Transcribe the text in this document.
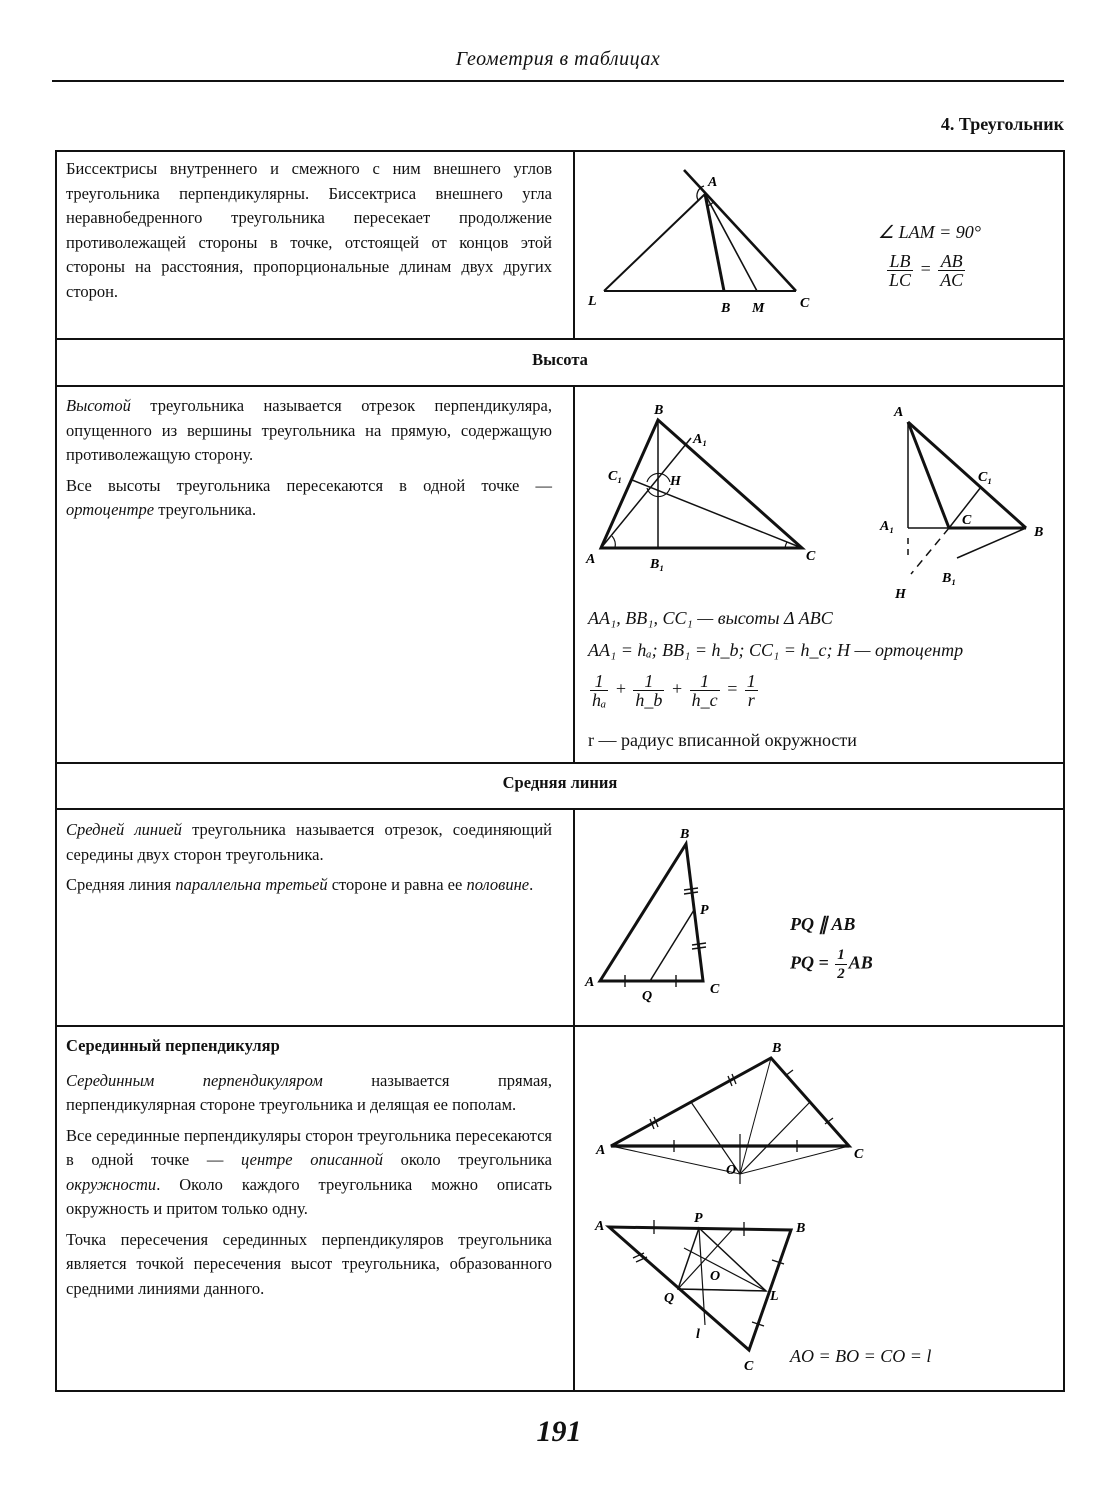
Геометрия в таблицах
4. Треугольник

Биссектрисы внутреннего и смежного с ним внешнего углов треугольника перпендикулярны. Биссектриса внешнего угла неравнобедренного треугольника пересекает продолжение противолежащей стороны в точке, отстоящей от концов этой стороны на расстояния, пропорциональные длинам двух других сторон.

A
L	B M	C
∠ LAM = 90°
$\frac{LB}{LC} = \frac{AB}{AC}$
Высота

Высотой треугольника называется отрезок перпендикуляра, опущенного из вершины треугольника на прямую, содержащую противолежащую сторону.

Все высоты треугольника пересекаются в одной точке — ортоцентре треугольника.

B
A₁
C₁	H
A	B₁
C
A
C₁
C
B
A₁
B₁
H
AA₁, BB₁, CC₁ — высоты Δ ABC
AA₁ = hₐ; BB₁ = h_b; CC₁ = h_c; H — ортоцентр
$\frac{1}{\text{hₐ}} + \frac{1}{h\_b} + \frac{1}{h\_c} = \frac{1}{r}$
r — радиус вписанной окружности
Средняя линия

Средней линией треугольника называется отрезок, соединяющий середины двух сторон треугольника.

Средняя линия параллельна третьей стороне и равна ее половине.

B
P
A
Q	C
PQ ∥ AB
PQ = $\frac{1}{2}$ AB

Серединный перпендикуляр

Серединным перпендикуляром называется прямая, перпендикулярная стороне треугольника и делящая ее пополам.

Все серединные перпендикуляры сторон треугольника пересекаются в одной точке — центре описанной около треугольника окружности. Около каждого треугольника можно описать окружность и притом только одну.

Точка пересечения серединных перпендикуляров треугольника является точкой пересечения высот треугольника, образованного средними линиями данного.

B
A	C
O
A
P
B
O
Q	L
l
C
AO = BO = CO = l
191
